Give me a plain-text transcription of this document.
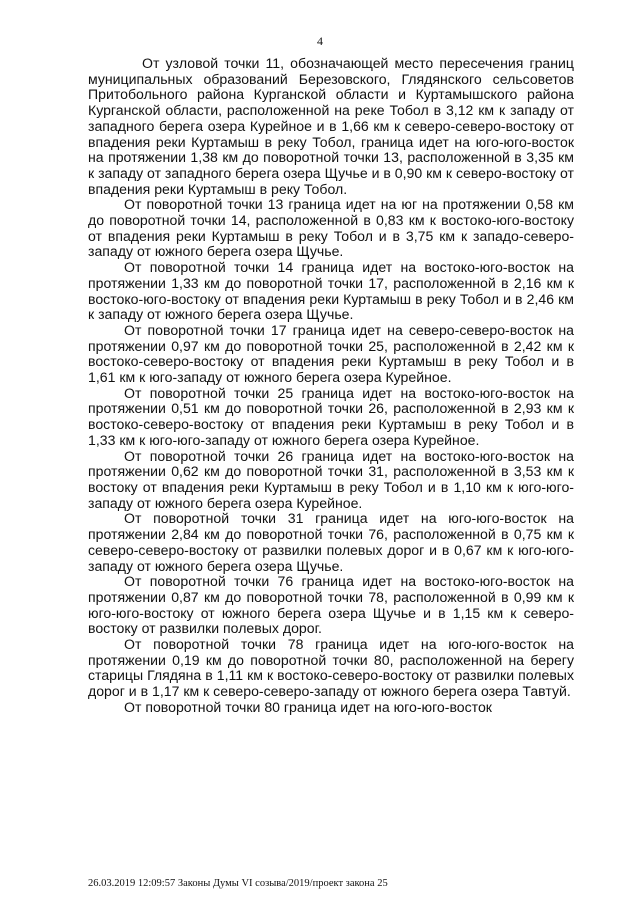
4

От узловой точки 11, обозначающей место пересечения границ муниципальных образований Березовского, Глядянского сельсоветов Притобольного района Курганской области и Куртамышского района Курганской области, расположенной на реке Тобол в 3,12 км к западу от западного берега озера Курейное и в 1,66 км к северо-северо-востоку от впадения реки Куртамыш в реку Тобол, граница идет на юго-юго-восток на протяжении 1,38 км до поворотной точки 13, расположенной в 3,35 км к западу от западного берега озера Щучье и в 0,90 км к северо-востоку от впадения реки Куртамыш в реку Тобол.

От поворотной точки 13 граница идет на юг на протяжении 0,58 км до поворотной точки 14, расположенной в 0,83 км к востоко-юго-востоку от впадения реки Куртамыш в реку Тобол и в 3,75 км к западо-северо-западу от южного берега озера Щучье.

От поворотной точки 14 граница идет на востоко-юго-восток на протяжении 1,33 км до поворотной точки 17, расположенной в 2,16 км к востоко-юго-востоку от впадения реки Куртамыш в реку Тобол и в 2,46 км к западу от южного берега озера Щучье.

От поворотной точки 17 граница идет на северо-северо-восток на протяжении 0,97 км до поворотной точки 25, расположенной в 2,42 км к востоко-северо-востоку от впадения реки Куртамыш в реку Тобол и в 1,61 км к юго-западу от южного берега озера Курейное.

От поворотной точки 25 граница идет на востоко-юго-восток на протяжении 0,51 км до поворотной точки 26, расположенной в 2,93 км к востоко-северо-востоку от впадения реки Куртамыш в реку Тобол и в 1,33 км к юго-юго-западу от южного берега озера Курейное.

От поворотной точки 26 граница идет на востоко-юго-восток на протяжении 0,62 км до поворотной точки 31, расположенной в 3,53 км к востоку от впадения реки Куртамыш в реку Тобол и в 1,10 км к юго-юго-западу от южного берега озера Курейное.

От поворотной точки 31 граница идет на юго-юго-восток на протяжении 2,84 км до поворотной точки 76, расположенной в 0,75 км к северо-северо-востоку от развилки полевых дорог и в 0,67 км к юго-юго-западу от южного берега озера Щучье.

От поворотной точки 76 граница идет на востоко-юго-восток на протяжении 0,87 км до поворотной точки 78, расположенной в 0,99 км к юго-юго-востоку от южного берега озера Щучье и в 1,15 км к северо-востоку от развилки полевых дорог.

От поворотной точки 78 граница идет на юго-юго-восток на протяжении 0,19 км до поворотной точки 80, расположенной на берегу старицы Глядяна в 1,11 км к востоко-северо-востоку от развилки полевых дорог и в 1,17 км к северо-северо-западу от южного берега озера Тавтуй.

От поворотной точки 80 граница идет на юго-юго-восток

26.03.2019 12:09:57 Законы Думы VI созыва/2019/проект закона 25
